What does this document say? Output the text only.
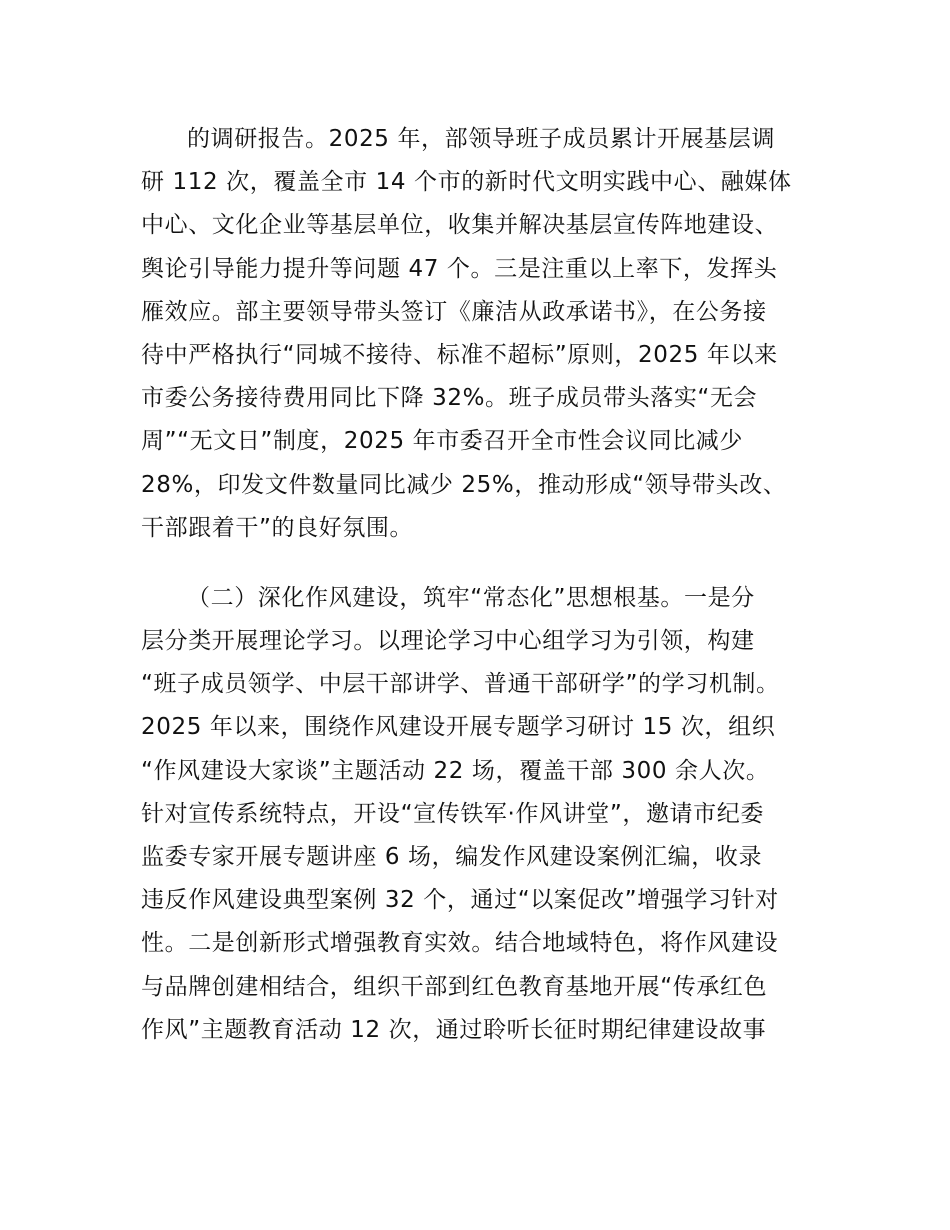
的调研报告。2025 年，部领导班子成员累计开展基层调
研 112 次，覆盖全市 14 个市的新时代文明实践中心、融媒体
中心、文化企业等基层单位，收集并解决基层宣传阵地建设、
舆论引导能力提升等问题 47 个。三是注重以上率下，发挥头
雁效应。部主要领导带头签订《廉洁从政承诺书》，在公务接
待中严格执行“同城不接待、标准不超标”原则，2025 年以来
市委公务接待费用同比下降 32%。班子成员带头落实“无会
周”“无文日”制度，2025 年市委召开全市性会议同比减少
28%，印发文件数量同比减少 25%，推动形成“领导带头改、
干部跟着干”的良好氛围。
（二）深化作风建设，筑牢“常态化”思想根基。一是分
层分类开展理论学习。以理论学习中心组学习为引领，构建
“班子成员领学、中层干部讲学、普通干部研学”的学习机制。
2025 年以来，围绕作风建设开展专题学习研讨 15 次，组织
“作风建设大家谈”主题活动 22 场，覆盖干部 300 余人次。
针对宣传系统特点，开设“宣传铁军·作风讲堂”，邀请市纪委
监委专家开展专题讲座 6 场，编发作风建设案例汇编，收录
违反作风建设典型案例 32 个，通过“以案促改”增强学习针对
性。二是创新形式增强教育实效。结合地域特色，将作风建设
与品牌创建相结合，组织干部到红色教育基地开展“传承红色
作风”主题教育活动 12 次，通过聆听长征时期纪律建设故事
